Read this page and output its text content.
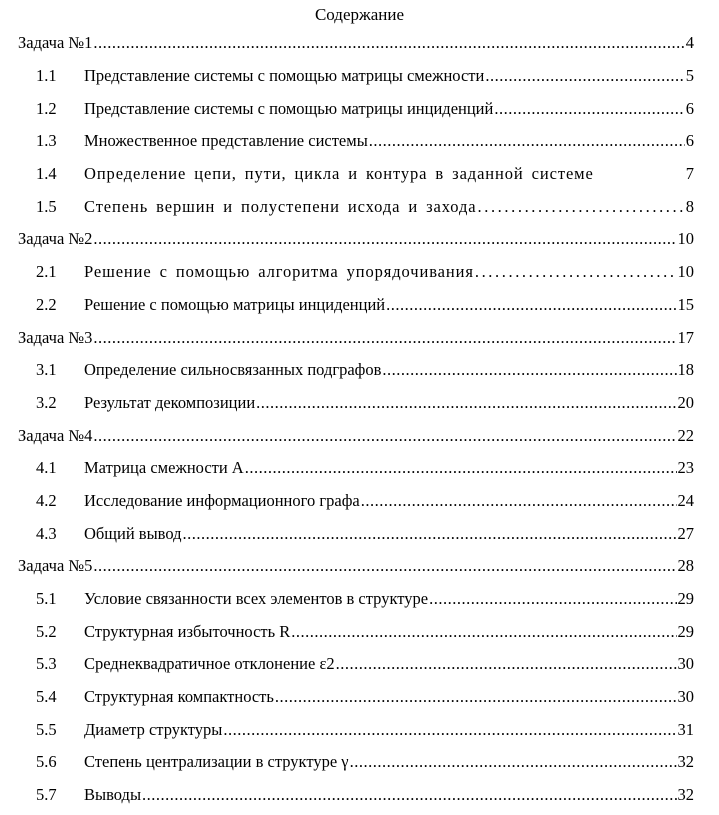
Содержание
Задача №1 .....	4
1.1	Представление системы с помощью матрицы смежности .....	5
1.2	Представление системы с помощью матрицы инциденций .....	6
1.3	Множественное представление системы .....	6
1.4	Определение цепи, пути, цикла и контура в заданной системе	7
1.5	Степень вершин и полустепени исхода и захода .....	8
Задача №2 .....	10
2.1	Решение с помощью алгоритма упорядочивания .....	10
2.2	Решение с помощью матрицы инциденций .....	15
Задача №3 .....	17
3.1	Определение сильносвязанных подграфов .....	18
3.2	Результат декомпозиции .....	20
Задача №4 .....	22
4.1	Матрица смежности А .....	23
4.2	Исследование информационного графа .....	24
4.3	Общий вывод .....	27
Задача №5 .....	28
5.1	Условие связанности всех элементов в структуре .....	29
5.2	Структурная избыточность R .....	29
5.3	Среднеквадратичное отклонение ε2 .....	30
5.4	Структурная компактность .....	30
5.5	Диаметр структуры .....	31
5.6	Степень централизации в структуре γ .....	32
5.7	Выводы .....	32
